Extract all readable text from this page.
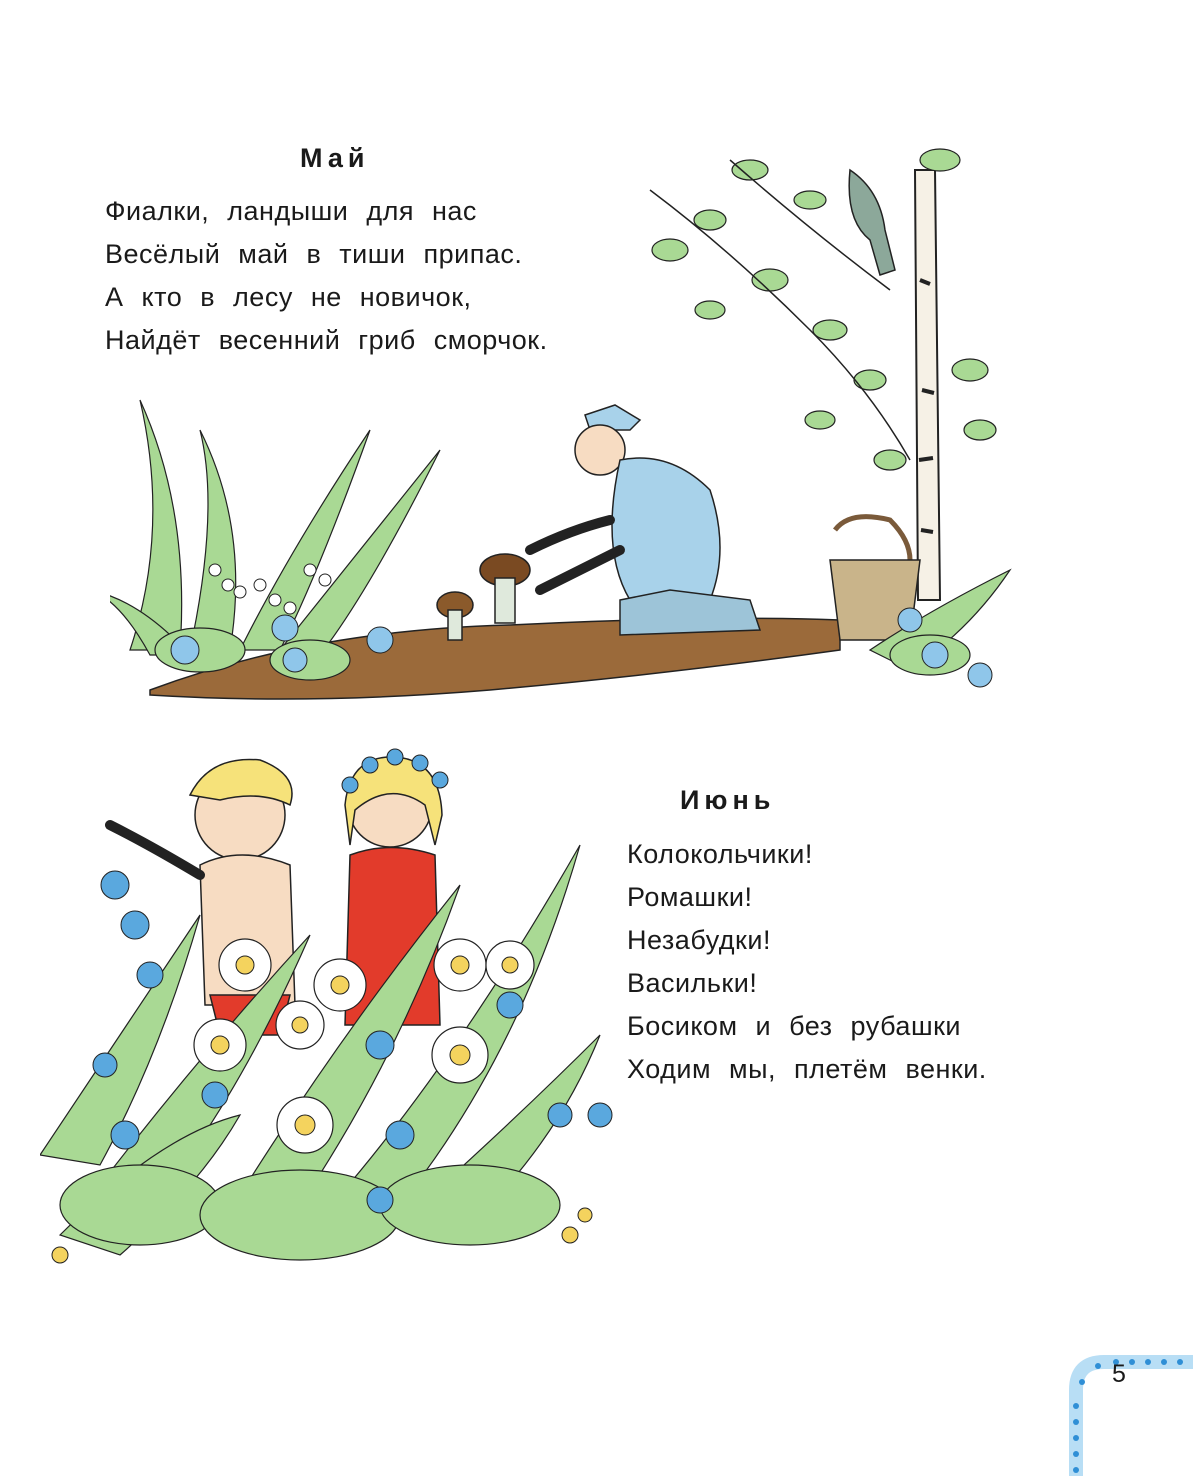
Май
Фиалки, ландыши для нас
Весёлый май в тиши припас.
А кто в лесу не новичок,
Найдёт весенний гриб сморчок.
Июнь
Колокольчики!
Ромашки!
Незабудки!
Васильки!
Босиком и без рубашки
Ходим мы, плетём венки.
5
